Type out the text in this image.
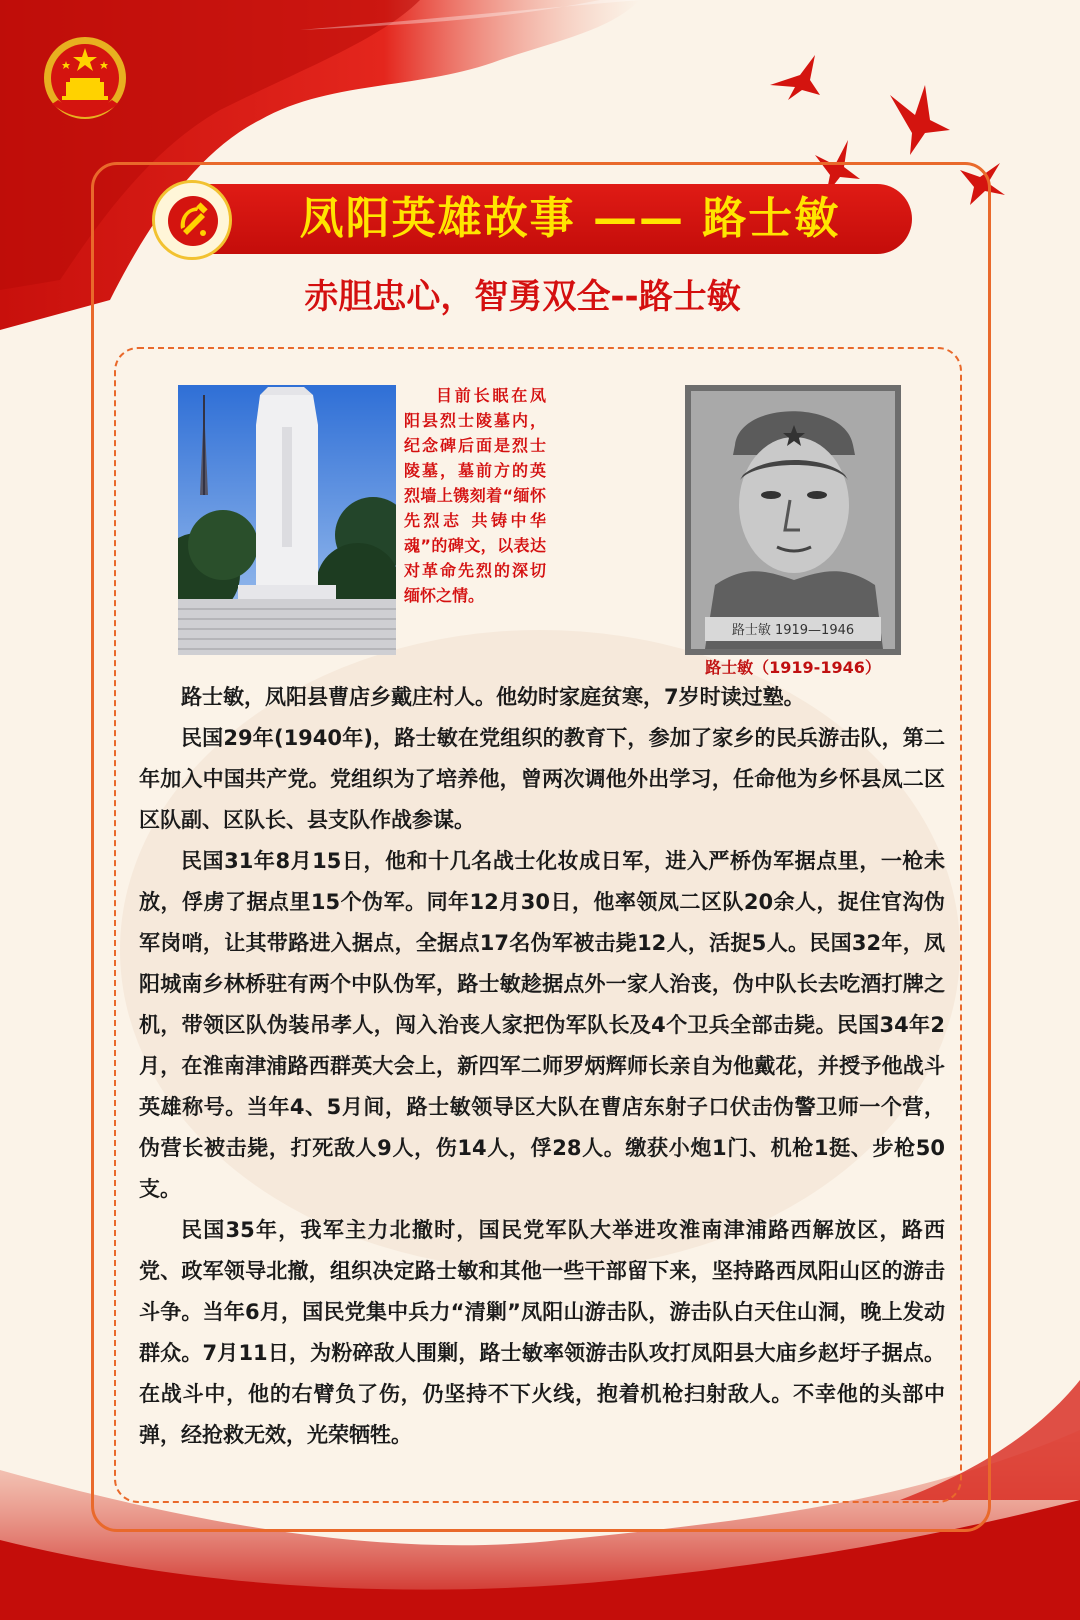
凤阳英雄故事 —— 路士敏
赤胆忠心，智勇双全--路士敏
目前长眠在凤阳县烈士陵墓内，纪念碑后面是烈士陵墓，墓前方的英烈墙上镌刻着“缅怀先烈志 共铸中华魂”的碑文，以表达对革命先烈的深切缅怀之情。
路士敏 1919—1946
路士敏（1919-1946）

路士敏，凤阳县曹店乡戴庄村人。他幼时家庭贫寒，7岁时读过塾。

民国29年(1940年)，路士敏在党组织的教育下，参加了家乡的民兵游击队，第二年加入中国共产党。党组织为了培养他，曾两次调他外出学习，任命他为乡怀县凤二区区队副、区队长、县支队作战参谋。

民国31年8月15日，他和十几名战士化妆成日军，进入严桥伪军据点里，一枪未放，俘虏了据点里15个伪军。同年12月30日，他率领凤二区队20余人，捉住官沟伪军岗哨，让其带路进入据点，全据点17名伪军被击毙12人，活捉5人。民国32年，凤阳城南乡林桥驻有两个中队伪军，路士敏趁据点外一家人治丧，伪中队长去吃酒打牌之机，带领区队伪装吊孝人，闯入治丧人家把伪军队长及4个卫兵全部击毙。民国34年2月，在淮南津浦路西群英大会上，新四军二师罗炳辉师长亲自为他戴花，并授予他战斗英雄称号。当年4、5月间，路士敏领导区大队在曹店东射子口伏击伪警卫师一个营，伪营长被击毙，打死敌人9人，伤14人，俘28人。缴获小炮1门、机枪1挺、步枪50支。

民国35年，我军主力北撤时，国民党军队大举进攻淮南津浦路西解放区，路西党、政军领导北撤，组织决定路士敏和其他一些干部留下来，坚持路西凤阳山区的游击斗争。当年6月，国民党集中兵力“清剿”凤阳山游击队，游击队白天住山洞，晚上发动群众。7月11日，为粉碎敌人围剿，路士敏率领游击队攻打凤阳县大庙乡赵圩子据点。在战斗中，他的右臂负了伤，仍坚持不下火线，抱着机枪扫射敌人。不幸他的头部中弹，经抢救无效，光荣牺牲。
